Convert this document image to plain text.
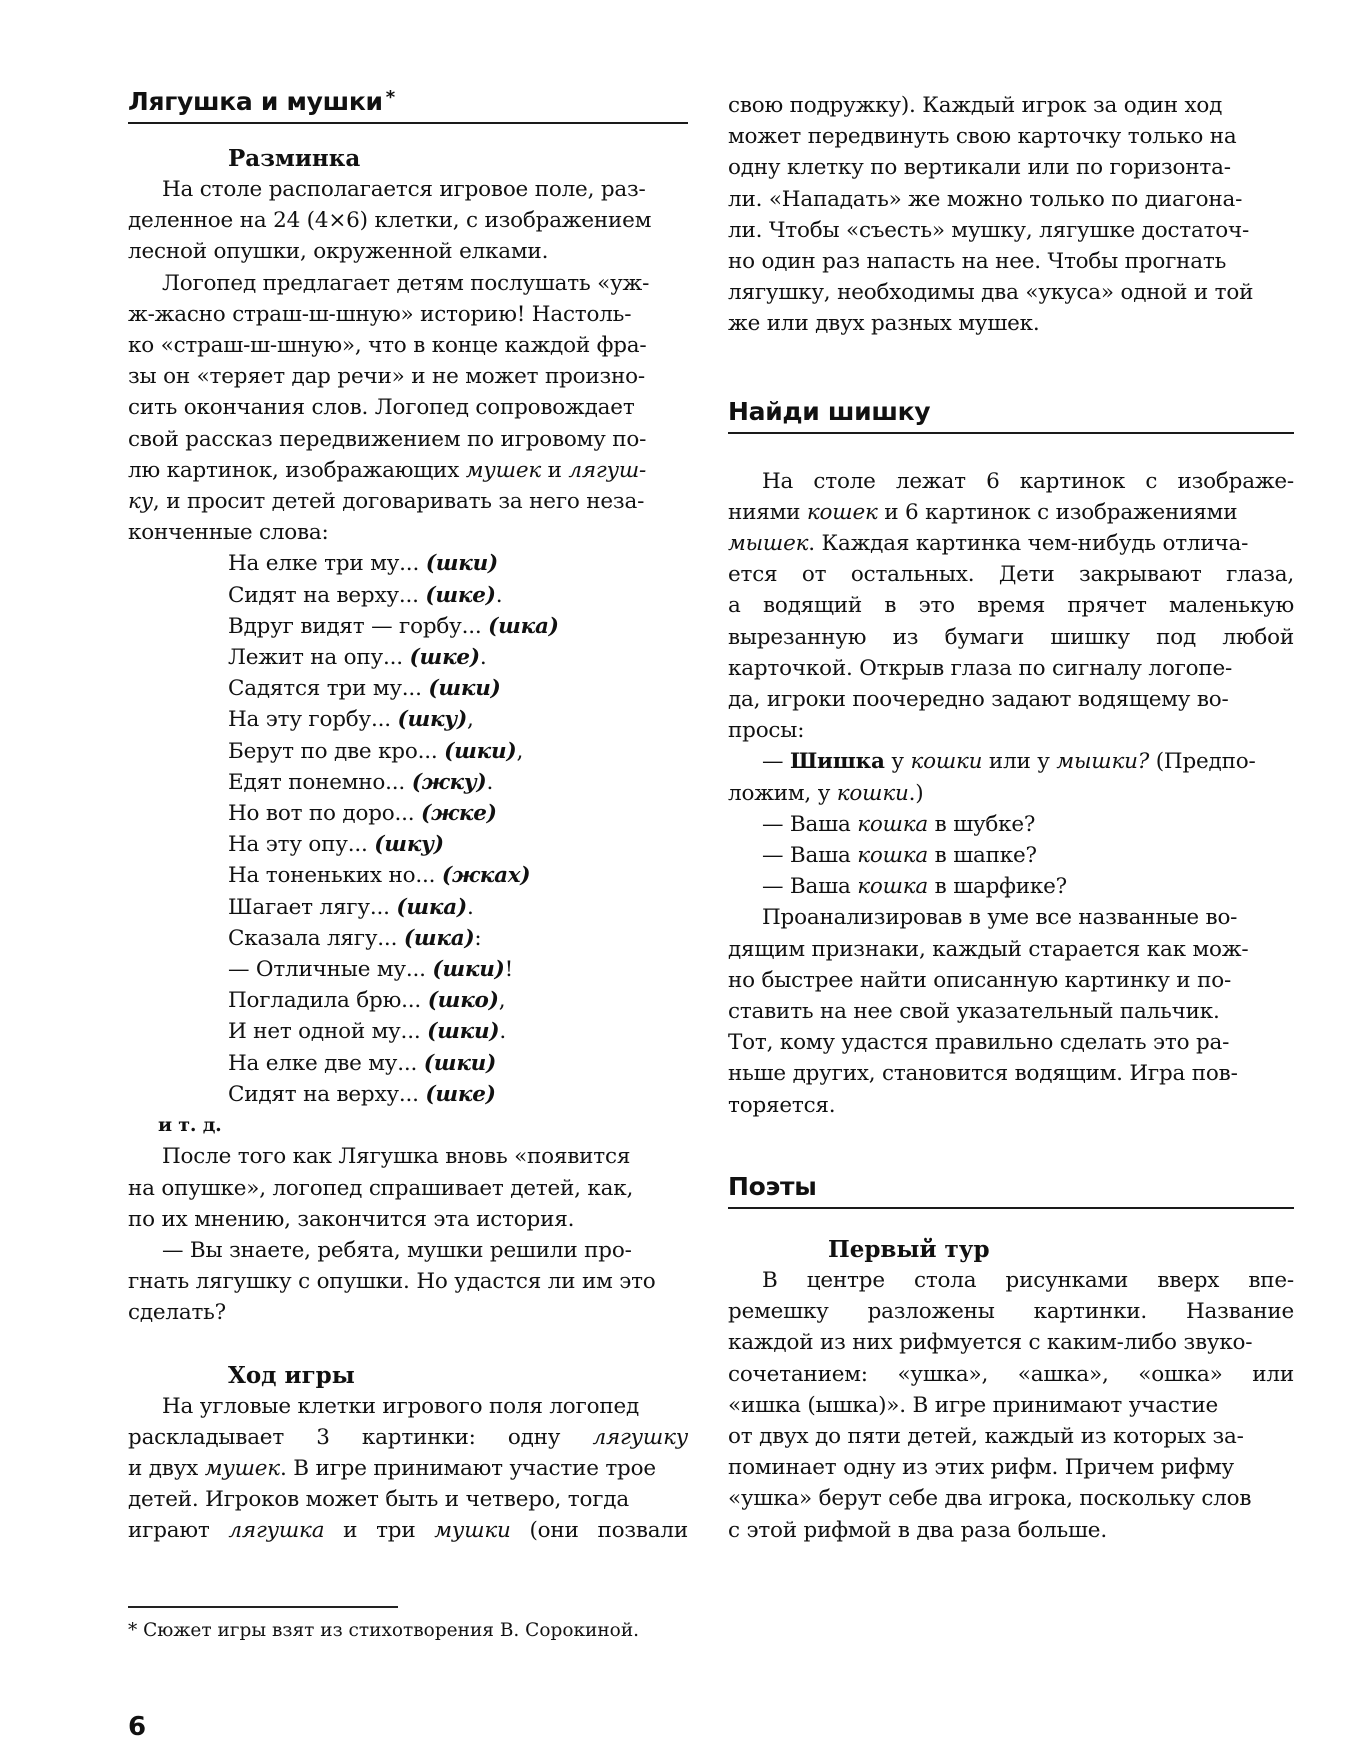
Лягушка и мушки *
Разминка
На столе располагается игровое поле, раз-
деленное на 24 (4×6) клетки, с изображением
лесной опушки, окруженной елками.
Логопед предлагает детям послушать «уж-
ж-жасно страш-ш-шную» историю! Настоль-
ко «страш-ш-шную», что в конце каждой фра-
зы он «теряет дар речи» и не может произно-
сить окончания слов. Логопед сопровождает
свой рассказ передвижением по игровому по-
лю картинок, изображающих мушек и лягуш-
ку, и просит детей договаривать за него неза-
конченные слова:
На елке три му... (шки)
Сидят на верху... (шке).
Вдруг видят — горбу... (шка)
Лежит на опу... (шке).
Садятся три му... (шки)
На эту горбу... (шку),
Берут по две кро... (шки),
Едят понемно... (жку).
Но вот по доро... (жке)
На эту опу... (шку)
На тоненьких но... (жках)
Шагает лягу... (шка).
Сказала лягу... (шка):
— Отличные му... (шки)!
Погладила брю... (шко),
И нет одной му... (шки).
На елке две му... (шки)
Сидят на верху... (шке)
и т. д.
После того как Лягушка вновь «появится
на опушке», логопед спрашивает детей, как,
по их мнению, закончится эта история.
— Вы знаете, ребята, мушки решили про-
гнать лягушку с опушки. Но удастся ли им это
сделать?
Ход игры
На угловые клетки игрового поля логопед
раскладывает 3 картинки: одну лягушку
и двух мушек. В игре принимают участие трое
детей. Игроков может быть и четверо, тогда
играют лягушка и три мушки (они позвали
* Сюжет игры взят из стихотворения В. Сорокиной.
6
свою подружку). Каждый игрок за один ход
может передвинуть свою карточку только на
одну клетку по вертикали или по горизонта-
ли. «Нападать» же можно только по диагона-
ли. Чтобы «съесть» мушку, лягушке достаточ-
но один раз напасть на нее. Чтобы прогнать
лягушку, необходимы два «укуса» одной и той
же или двух разных мушек.
Найди шишку
На столе лежат 6 картинок с изображе-
ниями кошек и 6 картинок с изображениями
мышек. Каждая картинка чем-нибудь отлича-
ется от остальных. Дети закрывают глаза,
а водящий в это время прячет маленькую
вырезанную из бумаги шишку под любой
карточкой. Открыв глаза по сигналу логопе-
да, игроки поочередно задают водящему во-
просы:
— Шишка у кошки или у мышки? (Предпо-
ложим, у кошки.)
— Ваша кошка в шубке?
— Ваша кошка в шапке?
— Ваша кошка в шарфике?
Проанализировав в уме все названные во-
дящим признаки, каждый старается как мож-
но быстрее найти описанную картинку и по-
ставить на нее свой указательный пальчик.
Тот, кому удастся правильно сделать это ра-
ньше других, становится водящим. Игра пов-
торяется.
Поэты
Первый тур
В центре стола рисунками вверх впе-
ремешку разложены картинки. Название
каждой из них рифмуется с каким-либо звуко-
сочетанием: «ушка», «ашка», «ошка» или
«ишка (ышка)». В игре принимают участие
от двух до пяти детей, каждый из которых за-
поминает одну из этих рифм. Причем рифму
«ушка» берут себе два игрока, поскольку слов
с этой рифмой в два раза больше.
